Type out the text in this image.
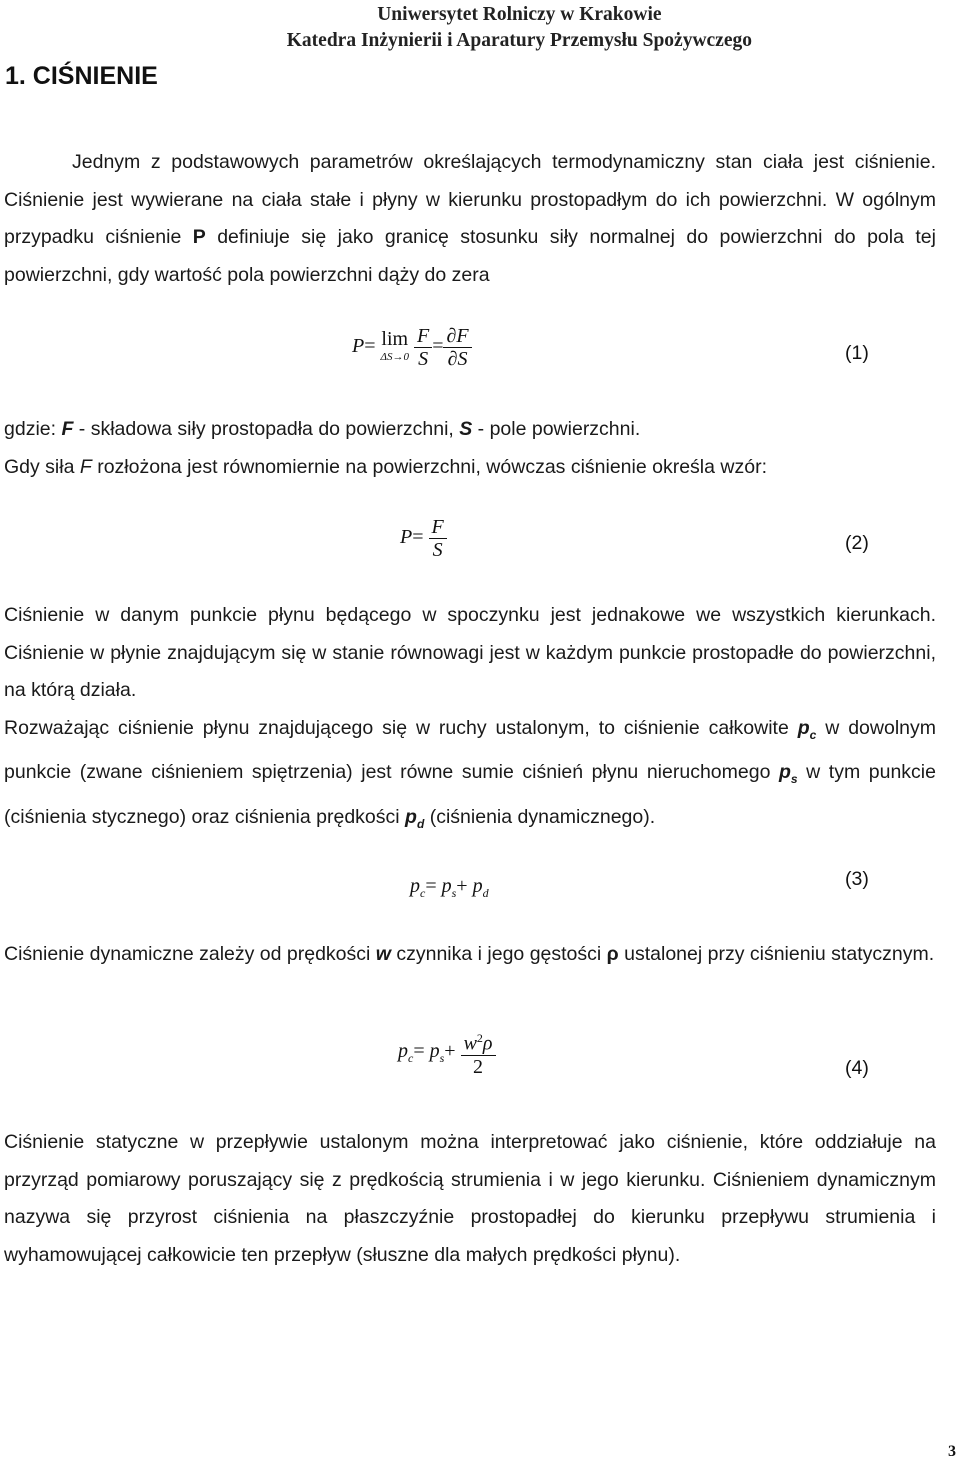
Uniwersytet Rolniczy w Krakowie
Katedra Inżynierii i Aparatury Przemysłu Spożywczego
1. CIŚNIENIE

Jednym z podstawowych parametrów określających termodynamiczny stan ciała jest ciśnienie. Ciśnienie jest wywierane na ciała stałe i płyny w kierunku prostopadłym do ich powierzchni. W ogólnym przypadku ciśnienie P definiuje się jako granicę stosunku siły normalnej do powierzchni do pola tej powierzchni, gdy wartość pola powierzchni dąży do zera

P= lim
ΔS→0
$\frac{F}{S} = \frac{\partial F}{\partial S}$	(1)

gdzie: F - składowa siły prostopadła do powierzchni, S - pole powierzchni.

Gdy siła F rozłożona jest równomiernie na powierzchni, wówczas ciśnienie określa wzór:

$P= \frac{F}{S}$	(2)

Ciśnienie w danym punkcie płynu będącego w spoczynku jest jednakowe we wszystkich kierunkach. Ciśnienie w płynie znajdującym się w stanie równowagi jest w każdym punkcie prostopadłe do powierzchni, na którą działa.

Rozważając ciśnienie płynu znajdującego się w ruchy ustalonym, to ciśnienie całkowite $p_c$ w dowolnym punkcie (zwane ciśnieniem spiętrzenia) jest równe sumie ciśnień płynu nieruchomego $p_s$ w tym punkcie (ciśnienia stycznego) oraz ciśnienia prędkości $p_d$ (ciśnienia dynamicznego).

$p_c= p_s+ p_d$
(3)

Ciśnienie dynamiczne zależy od prędkości w czynnika i jego gęstości ρ ustalonej przy ciśnieniu statycznym.

$p_c= p_s+ \frac{w^2\rho}{2}$	(4)

Ciśnienie statyczne w przepływie ustalonym można interpretować jako ciśnienie, które oddziałuje na przyrząd pomiarowy poruszający się z prędkością strumienia i w jego kierunku. Ciśnieniem dynamicznym nazywa się przyrost ciśnienia na płaszczyźnie prostopadłej do kierunku przepływu strumienia i wyhamowującej całkowicie ten przepływ (słuszne dla małych prędkości płynu).

3
